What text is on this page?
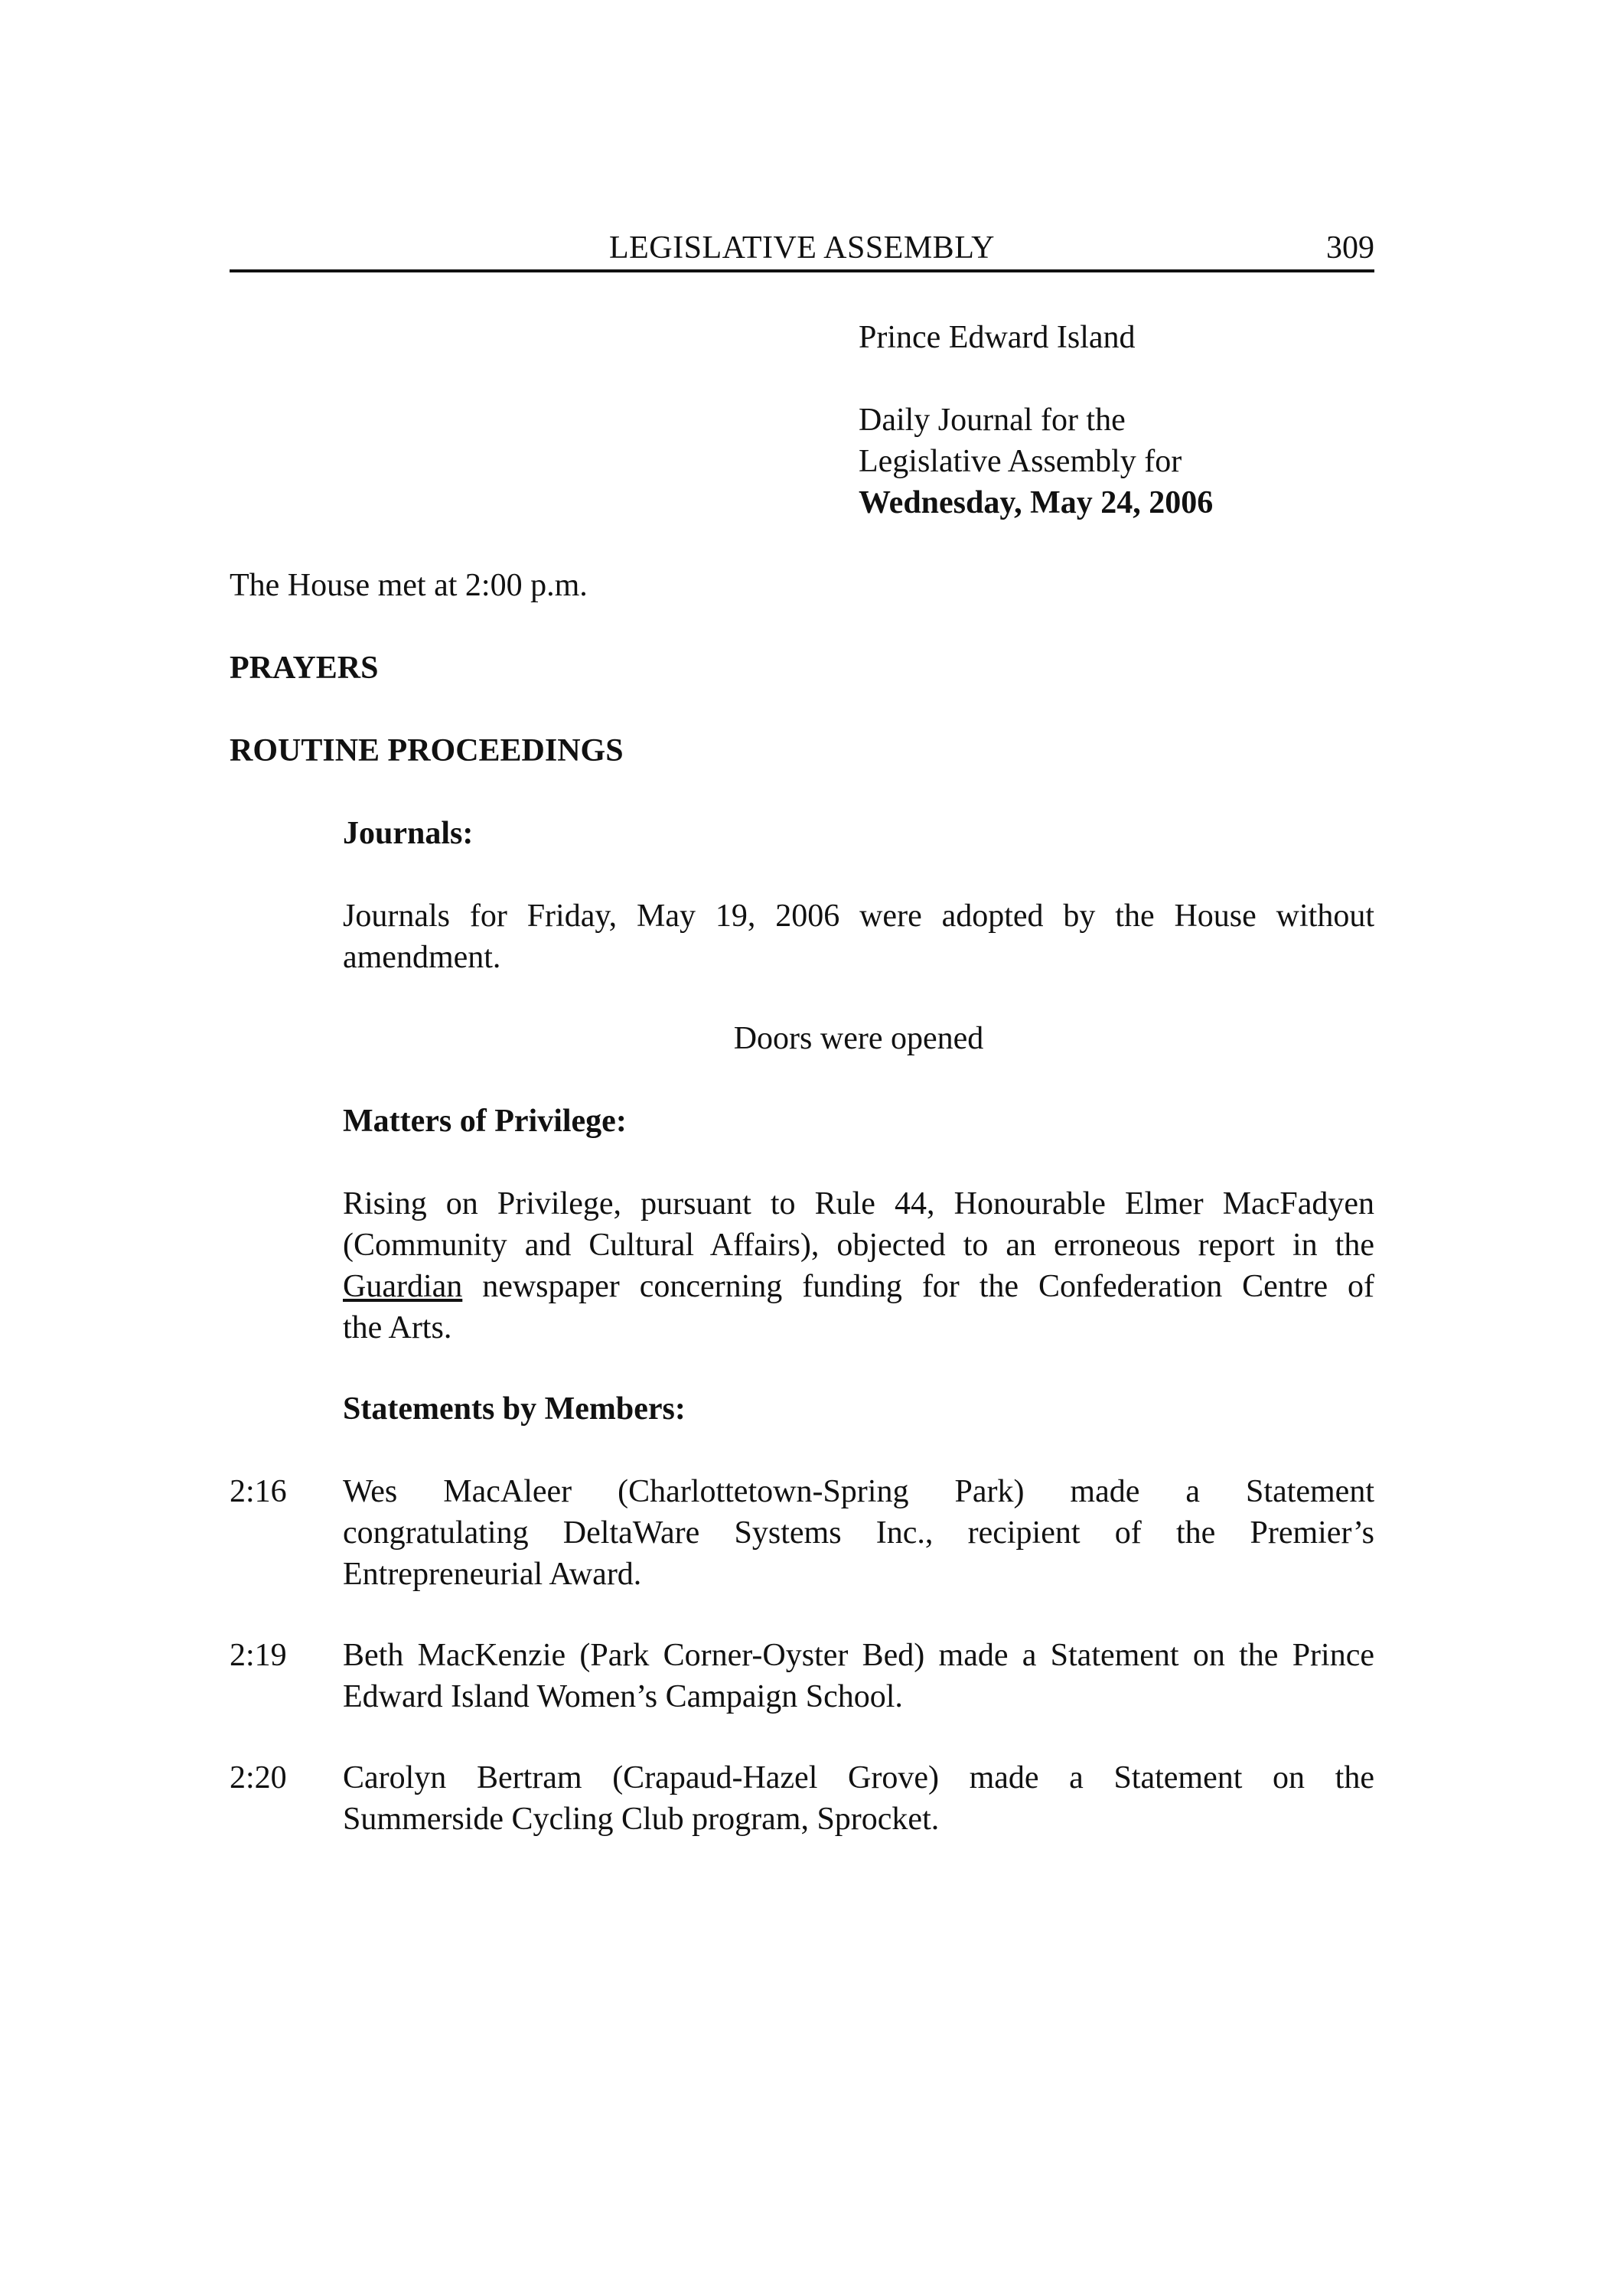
LEGISLATIVE ASSEMBLY	309

Prince Edward Island

Daily Journal for the

Legislative Assembly for

Wednesday, May 24, 2006

The House met at 2:00 p.m.

PRAYERS

ROUTINE PROCEEDINGS

Journals:

Journals for Friday, May 19, 2006 were adopted by the House without
amendment.
Doors were opened

Matters of Privilege:

Rising on Privilege, pursuant to Rule 44, Honourable Elmer MacFadyen
(Community and Cultural Affairs), objected to an erroneous report in the
Guardian newspaper concerning funding for the Confederation Centre of
the Arts.

Statements by Members:

2:16	Wes MacAleer (Charlottetown-Spring Park) made a Statement
congratulating DeltaWare Systems Inc., recipient of the Premier’s
Entrepreneurial Award.
2:19	Beth MacKenzie (Park Corner-Oyster Bed) made a Statement on the Prince
Edward Island Women’s Campaign School.
2:20	Carolyn Bertram (Crapaud-Hazel Grove) made a Statement on the
Summerside Cycling Club program, Sprocket.
